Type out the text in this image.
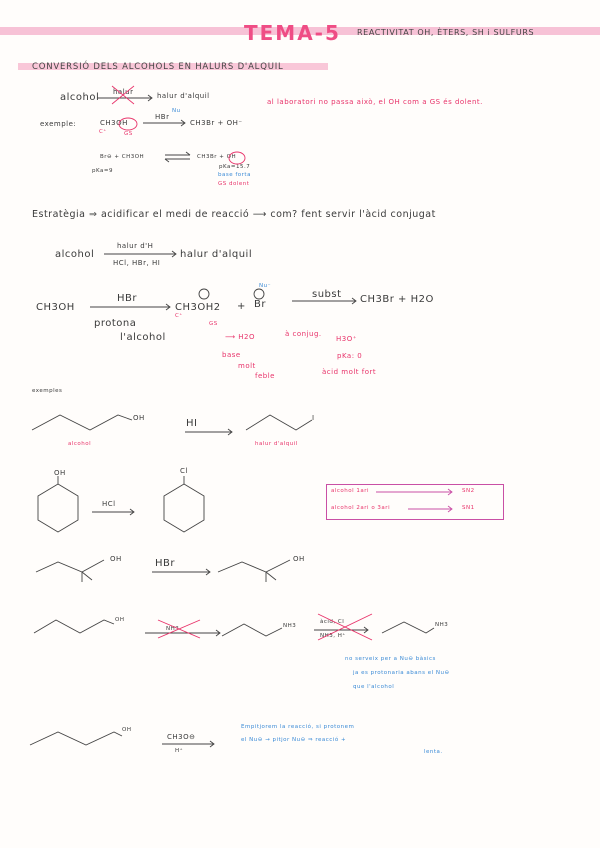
TEMA-5 REACTIVITAT OH, ÈTERS, SH i SULFURS
CONVERSIÓ DELS ALCOHOLS EN HALURS D'ALQUIL
alcohol halur	halur d'alquil
al laboratori no passa això, el OH com a GS és dolent.
exemple:	CH3OH
HBr
Nu
CH3Br + OH⁻
C⁺	GS
Br⊖ + CH3OH	CH3Br + OH
pKa=9
pKa=15.7
base forta
GS dolent
Estratègia ⇒ acidificar el medi de reacció ⟶ com? fent servir l'àcid conjugat
alcohol
halur d'H
HCl, HBr, HI
halur d'alquil
CH3OH
HBr
protona
l'alcohol
CH3OH2
C⁺
GS
+
Nu⁻
Br
subst CH3Br + H2O
⟶ H2O	à conjug.
H3O⁺
base
molt
feble
pKa: 0
àcid molt fort
exemples
OH	HI	I
alcohol	halur d'alquil
OH
HCl
Cl
OH	HBr	OH
OH
NH3	NH3
àcid, Cl
NH3, H⁺
NH3
no serveix per a Nu⊖ bàsics
ja es protonaria abans el Nu⊖
que l'alcohol
OH
CH3O⊖
H⁺
Empitjorem la reacció, si protonem
el Nu⊖ → pitjor Nu⊖ ⇒ reacció +
lenta.
alcohol 1ari	SN2
alcohol 2ari o 3ari	SN1
